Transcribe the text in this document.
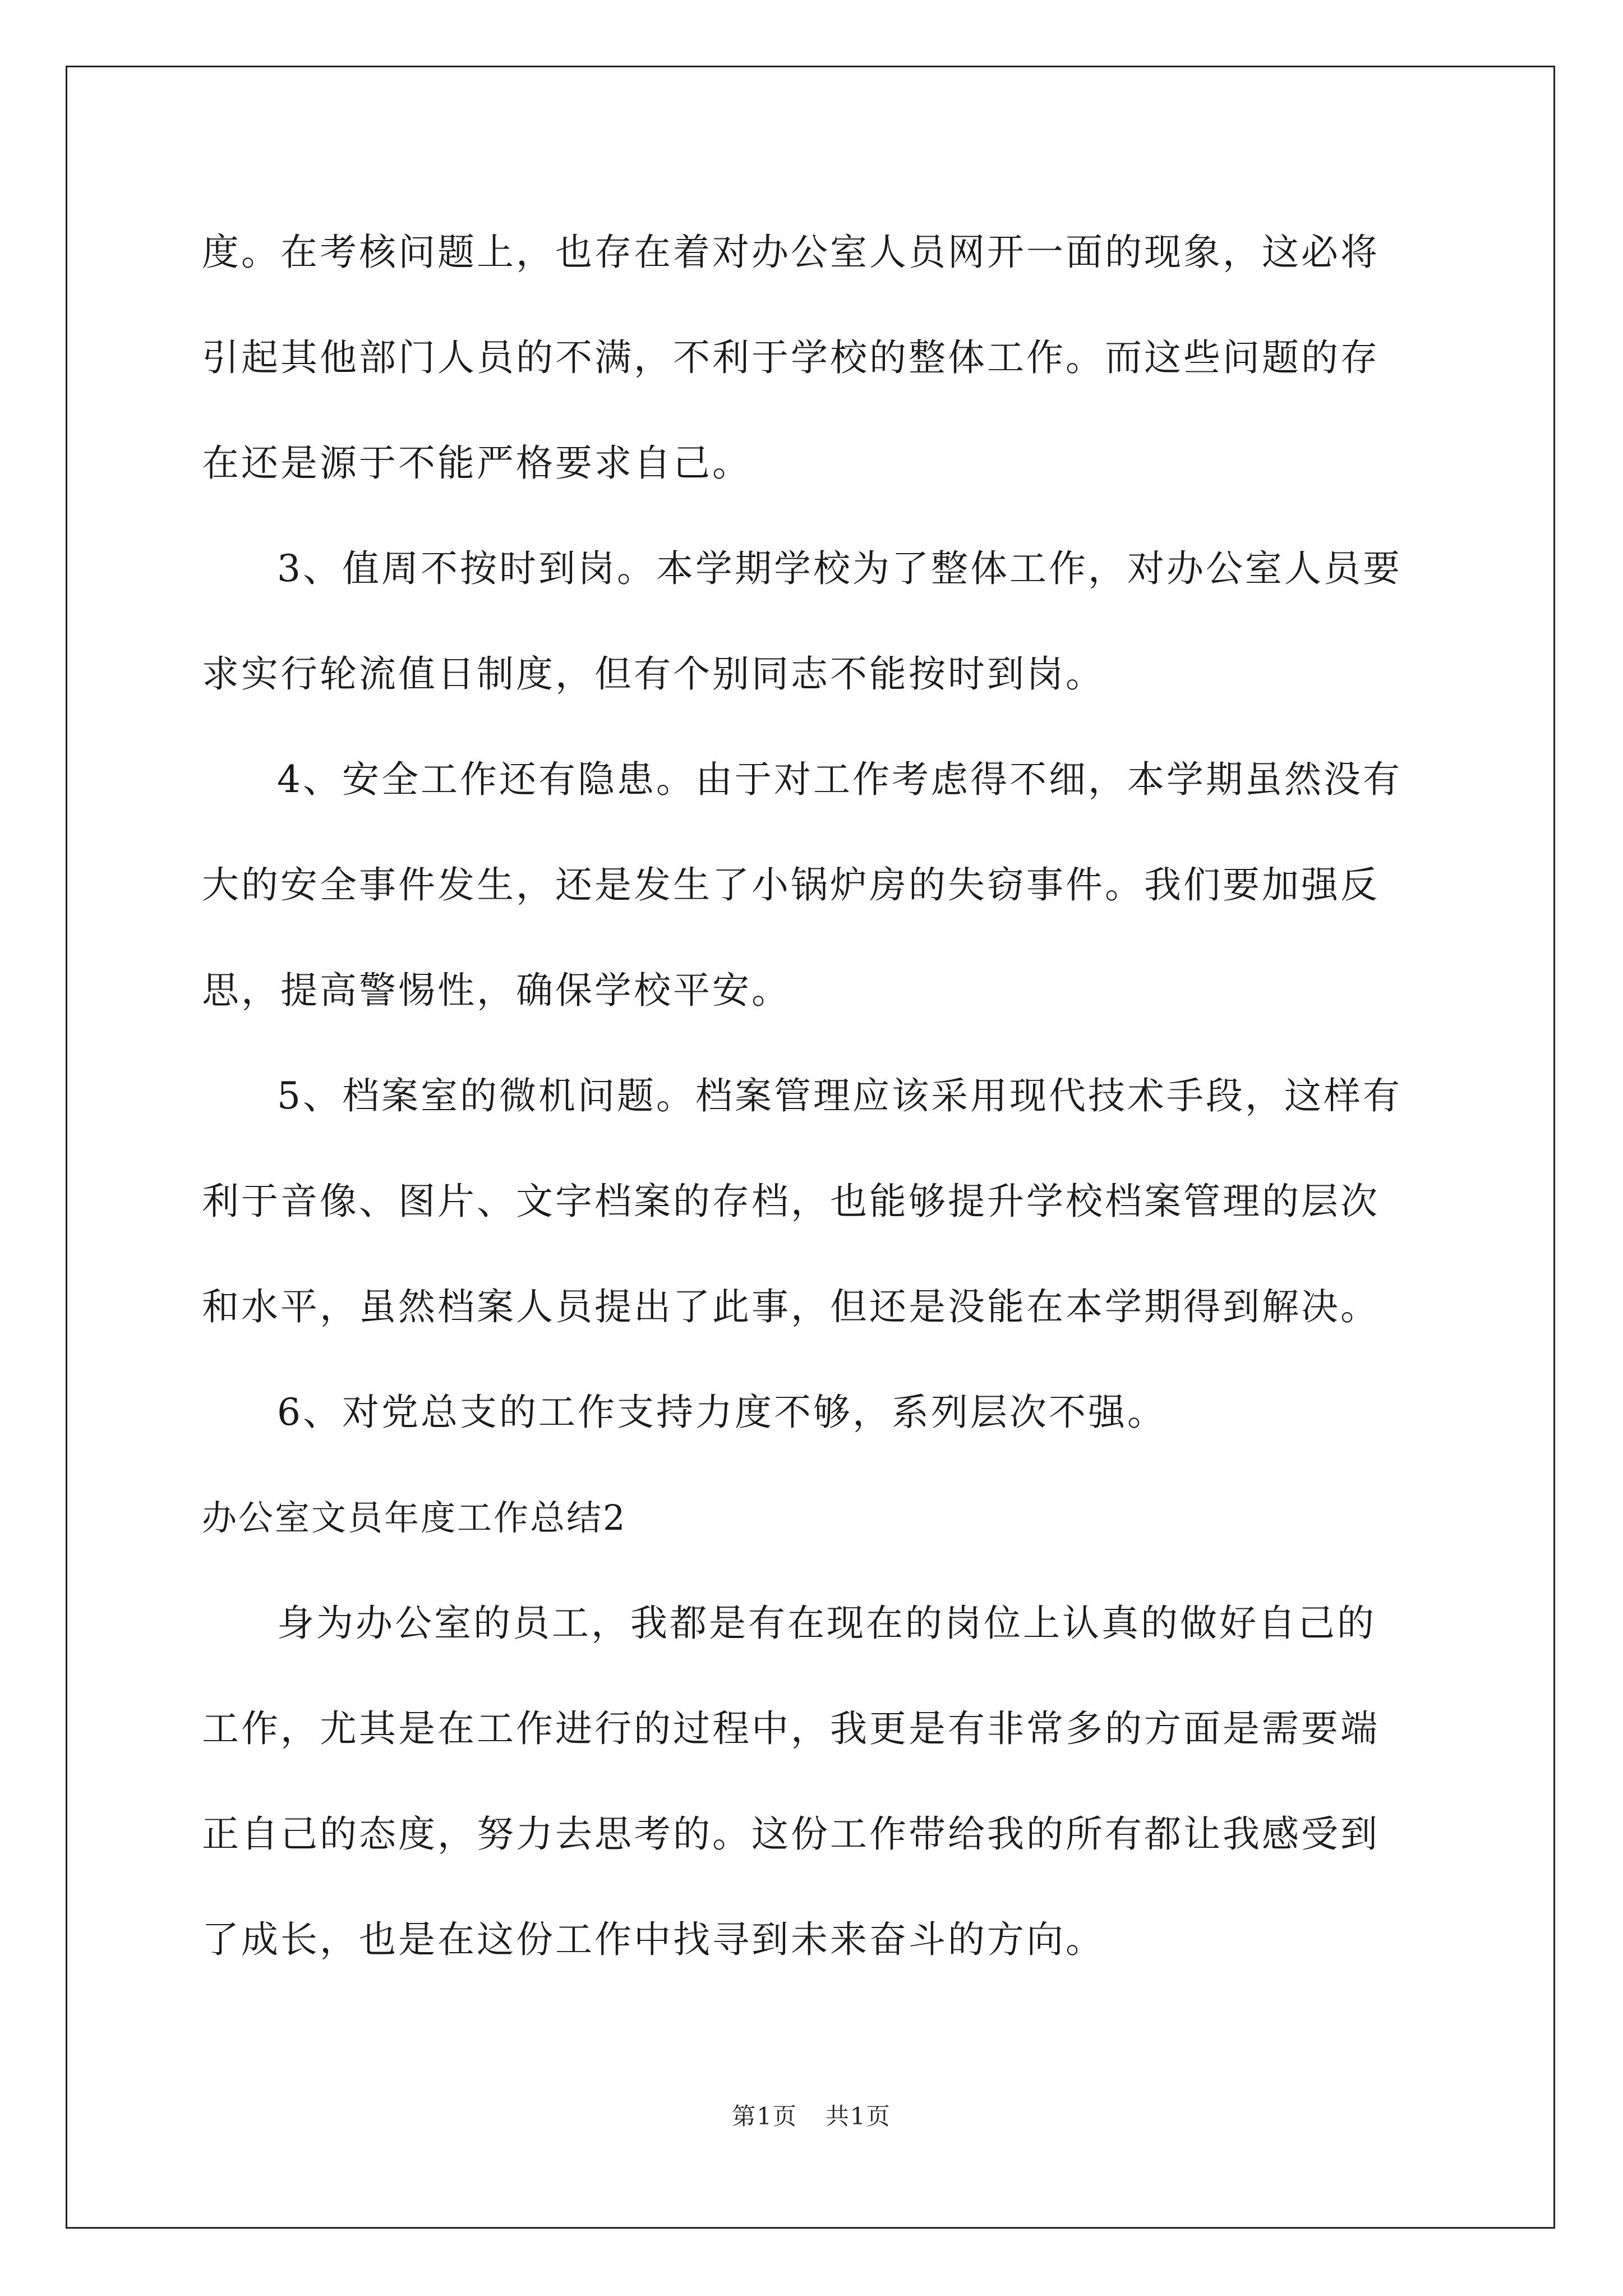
度。在考核问题上，也存在着对办公室人员网开一面的现象，这必将
引起其他部门人员的不满，不利于学校的整体工作。而这些问题的存
在还是源于不能严格要求自己。
3、值周不按时到岗。本学期学校为了整体工作，对办公室人员要
求实行轮流值日制度，但有个别同志不能按时到岗。
4、安全工作还有隐患。由于对工作考虑得不细，本学期虽然没有
大的安全事件发生，还是发生了小锅炉房的失窃事件。我们要加强反
思，提高警惕性，确保学校平安。
5、档案室的微机问题。档案管理应该采用现代技术手段，这样有
利于音像、图片、文字档案的存档，也能够提升学校档案管理的层次
和水平，虽然档案人员提出了此事，但还是没能在本学期得到解决。
6、对党总支的工作支持力度不够，系列层次不强。
办公室文员年度工作总结2
身为办公室的员工，我都是有在现在的岗位上认真的做好自己的
工作，尤其是在工作进行的过程中，我更是有非常多的方面是需要端
正自己的态度，努力去思考的。这份工作带给我的所有都让我感受到
了成长，也是在这份工作中找寻到未来奋斗的方向。
第1页 共1页
